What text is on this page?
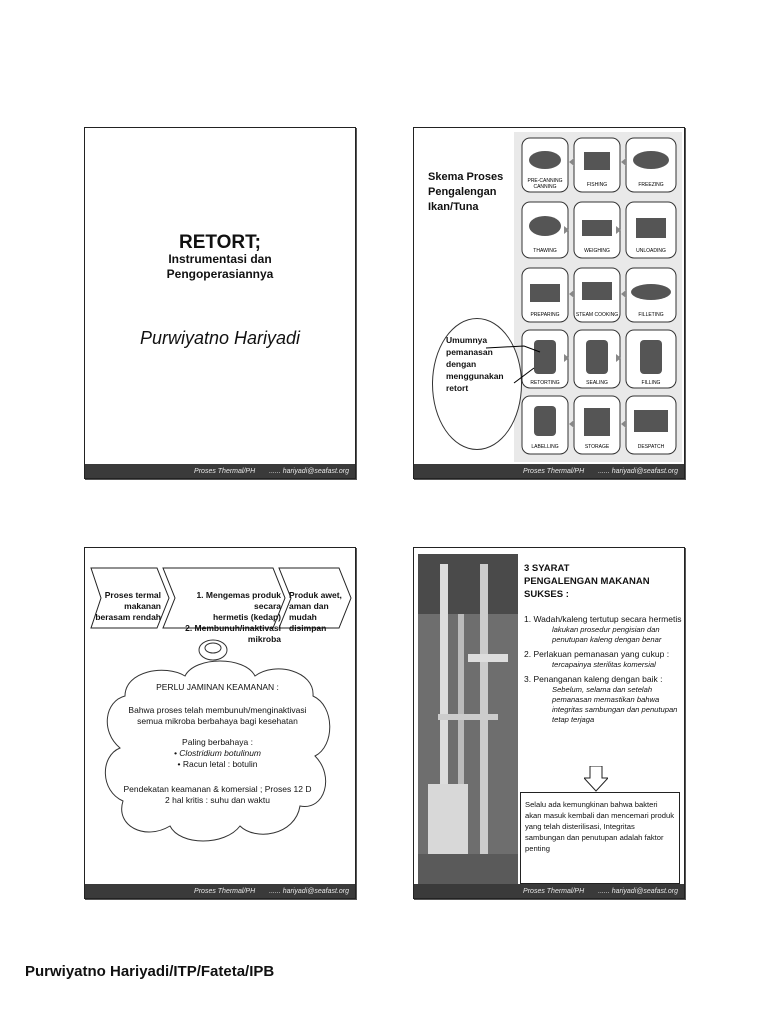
RETORT;
Instrumentasi dan
Pengoperasiannya
Purwiyatno Hariyadi
Proses Thermal/PH ...... hariyadi@seafast.org
Skema Proses
Pengalengan
Ikan/Tuna
PRE-CANNING
CANNING	FISHING	FREEZING
THAWING	WEIGHING	UNLOADING
PREPARING	STEAM COOKING	FILLETING
RETORTING	SEALING	FILLING
LABELLING	STORAGE	DESPATCH
Umumnya
pemanasan
dengan
menggunakan
retort
Proses Thermal/PH ...... hariyadi@seafast.org
Proses termal
makanan
berasam rendah
1. Mengemas produk secara
hermetis (kedap)
2. Membunuh/inaktivasi mikroba
Produk awet,
aman dan mudah
disimpan
PERLU JAMINAN KEAMANAN :
Bahwa proses telah membunuh/menginaktivasi
semua mikroba berbahaya bagi kesehatan
Paling berbahaya :
• Clostridium botulinum
• Racun letal : botulin
Pendekatan keamanan & komersial ; Proses 12 D
2 hal kritis : suhu dan waktu
Proses Thermal/PH ...... hariyadi@seafast.org
3 SYARAT
PENGALENGAN MAKANAN SUKSES :
1. Wadah/kaleng tertutup secara hermetis
lakukan prosedur pengisian dan penutupan kaleng dengan benar
2. Perlakuan pemanasan yang cukup :
tercapainya sterilitas komersial
3. Penanganan kaleng dengan baik :
Sebelum, selama dan setelah pemanasan memastikan bahwa integritas sambungan dan penutupan tetap terjaga
Selalu ada kemungkinan bahwa bakteri akan masuk kembali dan mencemari produk yang telah disterilisasi, Integritas sambungan dan penutupan adalah faktor penting
Proses Thermal/PH ...... hariyadi@seafast.org
Purwiyatno Hariyadi/ITP/Fateta/IPB
